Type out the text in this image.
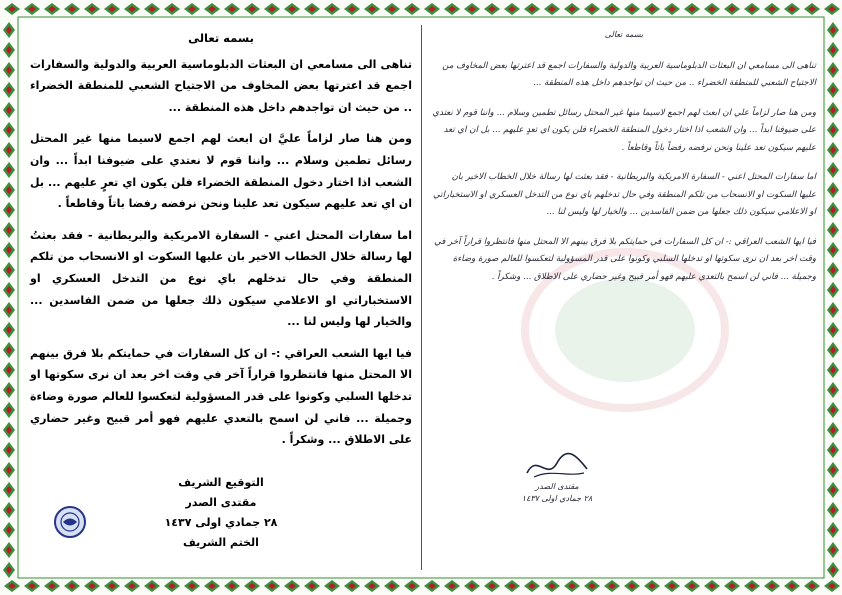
بسمه تعالى

تناهى الى مسامعي ان البعثات الدبلوماسية العربية والدولية والسفارات اجمع قد اعترتها بعض المخاوف من الاجتياح الشعبي للمنطقة الخضراء .. من حيث ان تواجدهم داخل هذه المنطقة ...

ومن هنا صار لزاماً عليَّ ان ابعث لهم اجمع لاسيما منها غير المحتل رسائل تطمين وسلام ... واننا قوم لا نعتدي على ضيوفنا ابداً ... وان الشعب اذا اختار دخول المنطقة الخضراء فلن يكون اي تعرٍ عليهم ... بل ان اي تعد عليهم سيكون تعد علينا ونحن نرفضه رفضا باتاً وقاطعاً .

اما سفارات المحتل اعني - السفارة الامريكية والبريطانية - فقد بعثتُ لها رسالة خلال الخطاب الاخير بان عليها السكوت او الانسحاب من تلكم المنطقة وفي حال تدخلهم باي نوع من التدخل العسكري او الاستخباراتي او الاعلامي سيكون ذلك جعلها من ضمن الفاسدين ... والخيار لها وليس لنا ...

فيا ايها الشعب العراقي :- ان كل السفارات في حمايتكم بلا فرق بينهم الا المحتل منها فانتظروا قراراً آخر في وقت اخر بعد ان نرى سكوتها او تدخلها السلبي وكونوا على قدر المسؤولية لتعكسوا للعالم صورة وضاءة وجميلة ... فاني لن اسمح بالتعدي عليهم فهو أمر قبيح وغير حضاري على الاطلاق ... وشكراً .

التوقيع الشريف
مقتدى الصدر
٢٨ جمادي اولى ١٤٣٧
الختم الشريف
بسمه تعالى

تناهى الى مسامعي ان البعثات الدبلوماسية العربية والدولية والسفارات اجمع قد اعترتها بعض المخاوف من الاجتياح الشعبي للمنطقة الخضراء .. من حيث ان تواجدهم داخل هذه المنطقة ...

ومن هنا صار لزاماً علي ان ابعث لهم اجمع لاسيما منها غير المحتل رسائل تطمين وسلام ... واننا قوم لا نعتدي على ضيوفنا ابداً ... وان الشعب اذا اختار دخول المنطقة الخضراء فلن يكون اي تعدٍ عليهم ... بل ان اي تعد عليهم سيكون تعد علينا ونحن نرفضه رفضاً باتاً وقاطعاً .

اما سفارات المحتل اعني - السفارة الامريكية والبريطانية - فقد بعثت لها رسالة خلال الخطاب الاخير بان عليها السكوت او الانسحاب من تلكم المنطقة وفي حال تدخلهم باي نوع من التدخل العسكري او الاستخباراتي او الاعلامي سيكون ذلك جعلها من ضمن الفاسدين ... والخيار لها وليس لنا ...

فيا ايها الشعب العراقي :- ان كل السفارات في حمايتكم بلا فرق بينهم الا المحتل منها فانتظروا قراراً آخر في وقت اخر بعد ان نرى سكوتها او تدخلها السلبي وكونوا على قدر المسؤولية لتعكسوا للعالم صورة وضاءة وجميلة ... فاني لن اسمح بالتعدي عليهم فهو أمر قبيح وغير حضاري على الاطلاق ... وشكراً .

مقتدى الصدر
٢٨ جمادي اولى ١٤٣٧
